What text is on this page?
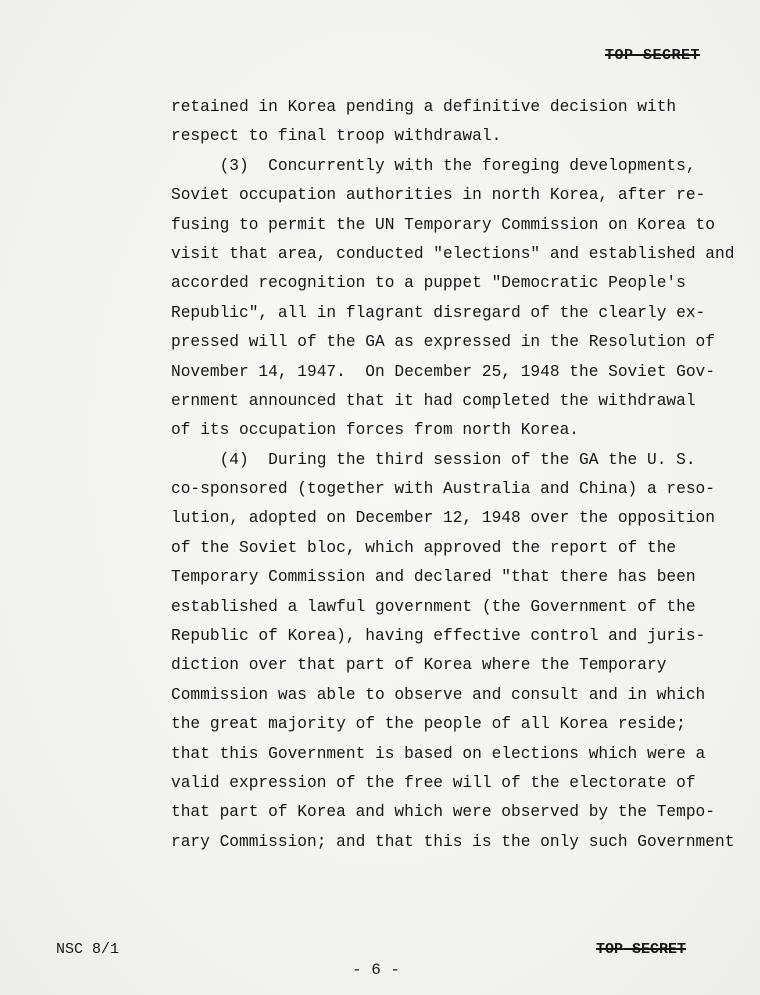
TOP SECRET
retained in Korea pending a definitive decision with
respect to final troop withdrawal.
(3)  Concurrently with the foreging developments,
Soviet occupation authorities in north Korea, after re-
fusing to permit the UN Temporary Commission on Korea to
visit that area, conducted "elections" and established and
accorded recognition to a puppet "Democratic People's
Republic", all in flagrant disregard of the clearly ex-
pressed will of the GA as expressed in the Resolution of
November 14, 1947.  On December 25, 1948 the Soviet Gov-
ernment announced that it had completed the withdrawal
of its occupation forces from north Korea.
(4)  During the third session of the GA the U. S.
co-sponsored (together with Australia and China) a reso-
lution, adopted on December 12, 1948 over the opposition
of the Soviet bloc, which approved the report of the
Temporary Commission and declared "that there has been
established a lawful government (the Government of the
Republic of Korea), having effective control and juris-
diction over that part of Korea where the Temporary
Commission was able to observe and consult and in which
the great majority of the people of all Korea reside;
that this Government is based on elections which were a
valid expression of the free will of the electorate of
that part of Korea and which were observed by the Tempo-
rary Commission; and that this is the only such Government
NSC 8/1
- 6 -
TOP SECRET
